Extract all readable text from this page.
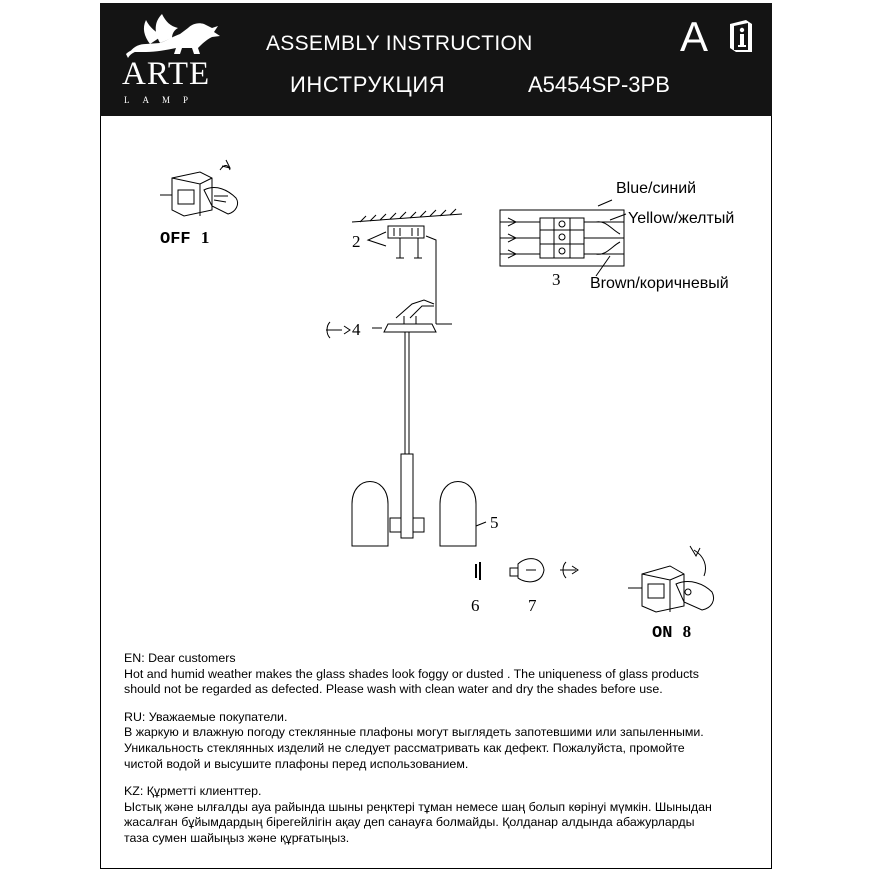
ARTE
LAMP
ASSEMBLY INSTRUCTION
ИНСТРУКЦИЯ	A5454SP-3PB
A
OFF 1	2
3
4
5
6	7
ON 8
Blue/синий
Yellow/желтый
Brown/коричневый

EN: Dear customers

Hot and humid weather makes the glass shades look foggy or dusted . The uniqueness of glass products

should not be regarded as defected. Please wash with clean water and dry the shades before use.

RU: Уважаемые покупатели.

В жаркую и влажную погоду стеклянные плафоны могут выглядеть запотевшими или запыленными.

Уникальность стеклянных изделий не следует рассматривать как дефект. Пожалуйста, промойте

чистой водой и высушите плафоны перед использованием.

KZ: Құрметті клиенттер.

Ыстық және ылғалды ауа райында шыны реңктері тұман немесе шаң болып көрінуі мүмкін. Шыныдан

жасалған бұйымдардың бірегейлігін ақау деп санауға болмайды. Қолданар алдында абажурларды

таза сумен шайыңыз және құрғатыңыз.
